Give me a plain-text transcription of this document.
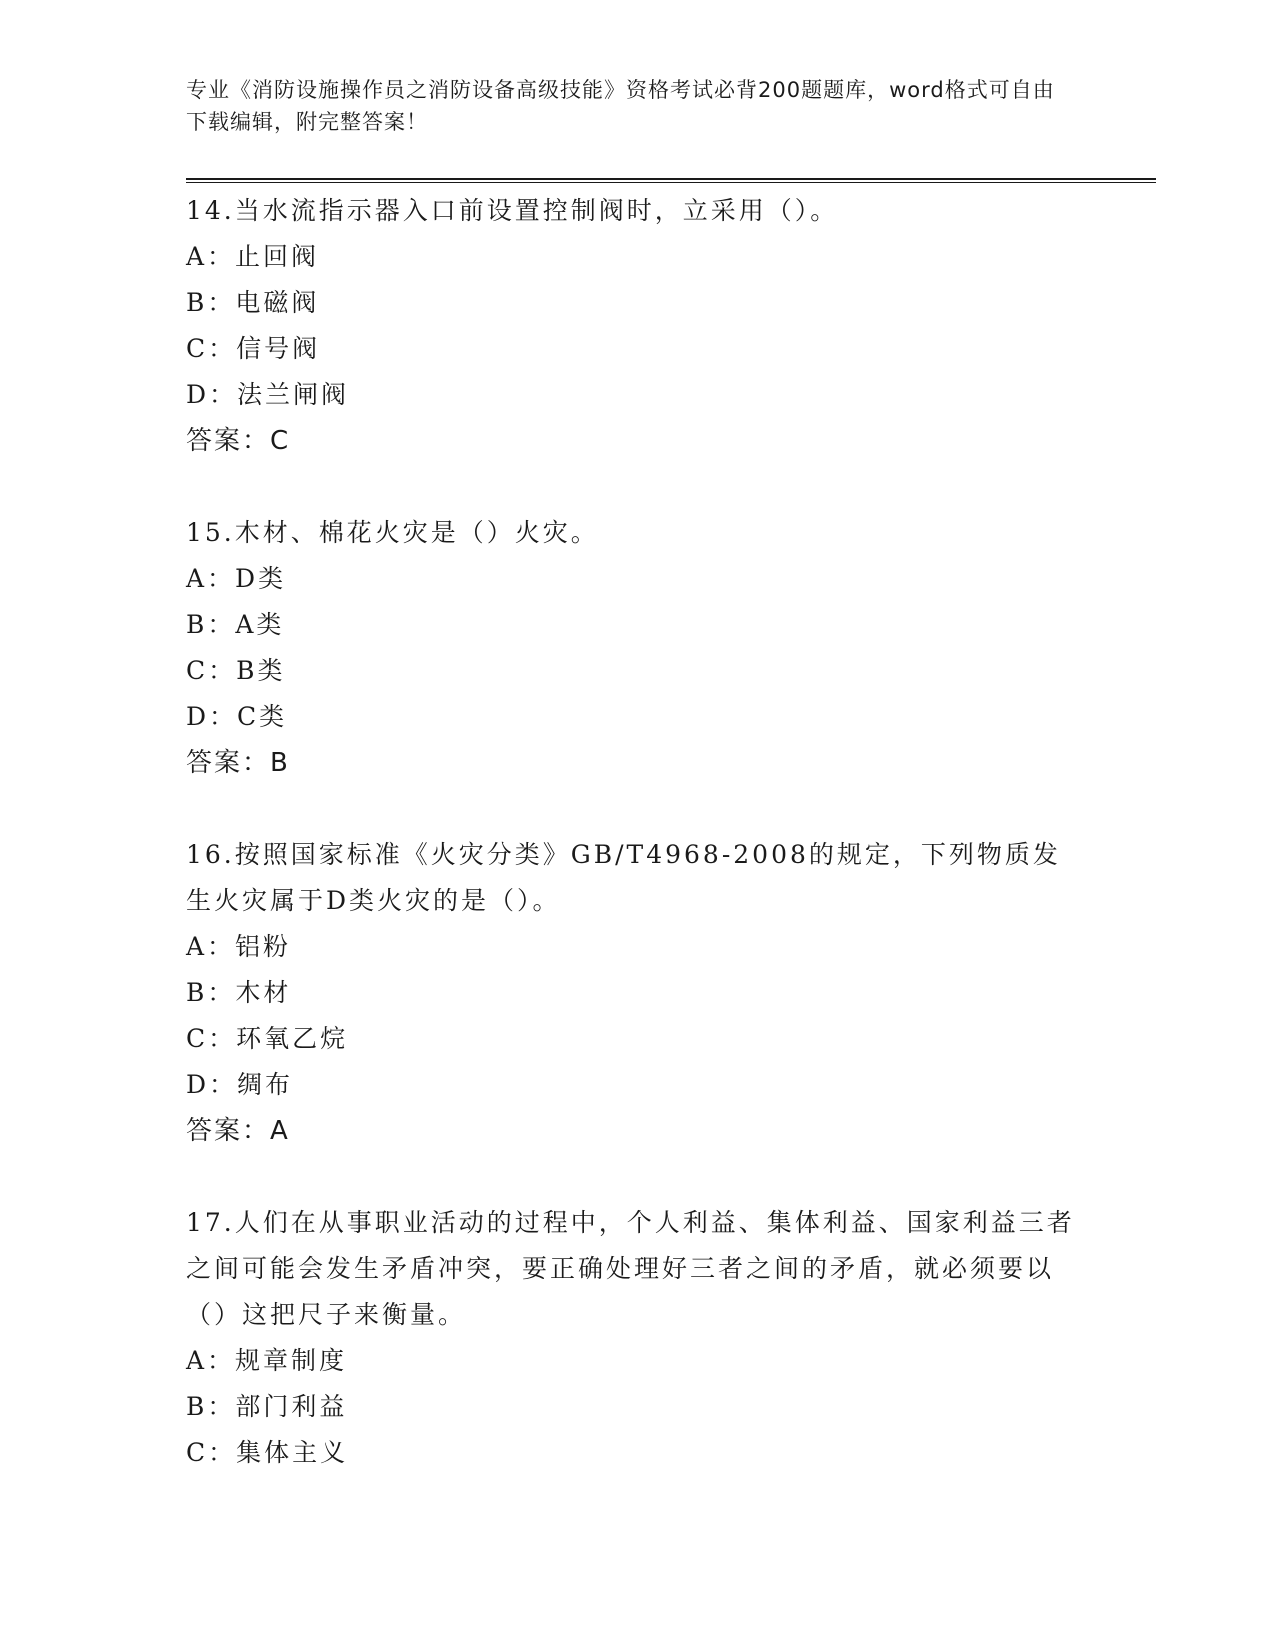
专业《消防设施操作员之消防设备高级技能》资格考试必背200题题库，word格式可自由下载编辑，附完整答案！

14.当水流指示器入口前设置控制阀时，立采用（）。

A：止回阀

B：电磁阀

C：信号阀

D：法兰闸阀

答案：C

15.木材、棉花火灾是（）火灾。

A：D类

B：A类

C：B类

D：C类

答案：B

16.按照国家标准《火灾分类》GB/T4968-2008的规定，下列物质发生火灾属于D类火灾的是（）。

A：铝粉

B：木材

C：环氧乙烷

D：绸布

答案：A

17.人们在从事职业活动的过程中，个人利益、集体利益、国家利益三者之间可能会发生矛盾冲突，要正确处理好三者之间的矛盾，就必须要以（）这把尺子来衡量。

A：规章制度

B：部门利益

C：集体主义
